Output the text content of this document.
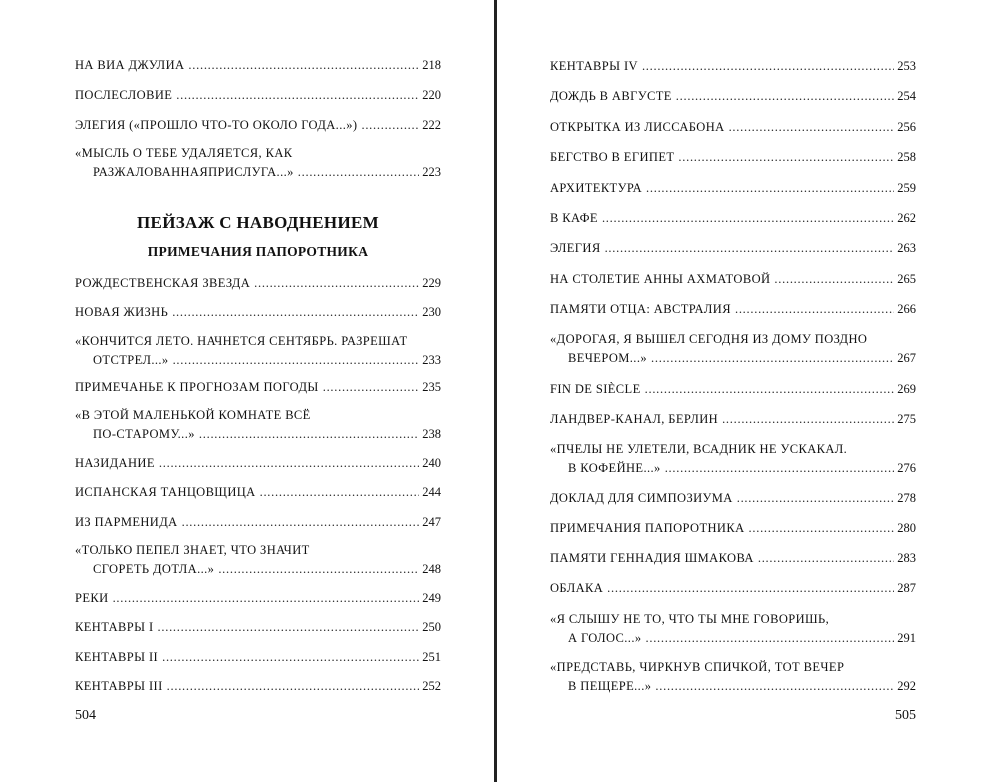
НА ВИА ДЖУЛИА . . .	218
ПОСЛЕСЛОВИЕ . . .	220
ЭЛЕГИЯ («ПРОШЛО ЧТО-ТО ОКОЛО ГОДА...») . . .	222
«МЫСЛЬ О ТЕБЕ УДАЛЯЕТСЯ, КАК
РАЗЖАЛОВАННАЯПРИСЛУГА...» . . .	223
ПЕЙЗАЖ С НАВОДНЕНИЕМ
ПРИМЕЧАНИЯ ПАПОРОТНИКА
РОЖДЕСТВЕНСКАЯ ЗВЕЗДА . . .	229
НОВАЯ ЖИЗНЬ . . .	230
«КОНЧИТСЯ ЛЕТО. НАЧНЕТСЯ СЕНТЯБРЬ. РАЗРЕШАТ
ОТСТРЕЛ...» . . .	233
ПРИМЕЧАНЬЕ К ПРОГНОЗАМ ПОГОДЫ . . .	235
«В ЭТОЙ МАЛЕНЬКОЙ КОМНАТЕ ВСЁ
ПО-СТАРОМУ...» . . .	238
НАЗИДАНИЕ . . .	240
ИСПАНСКАЯ ТАНЦОВЩИЦА . . .	244
ИЗ ПАРМЕНИДА . . .	247
«ТОЛЬКО ПЕПЕЛ ЗНАЕТ, ЧТО ЗНАЧИТ
СГОРЕТЬ ДОТЛА...» . . .	248
РЕКИ . . .	249
КЕНТАВРЫ I . . .	250
КЕНТАВРЫ II . . .	251
КЕНТАВРЫ III . . .	252
504
КЕНТАВРЫ IV . . .	253
ДОЖДЬ В АВГУСТЕ . . .	254
ОТКРЫТКА ИЗ ЛИССАБОНА . . .	256
БЕГСТВО В ЕГИПЕТ . . .	258
АРХИТЕКТУРА . . .	259
В КАФЕ . . .	262
ЭЛЕГИЯ . . .	263
НА СТОЛЕТИЕ АННЫ АХМАТОВОЙ . . .	265
ПАМЯТИ ОТЦА: АВСТРАЛИЯ . . .	266
«ДОРОГАЯ, Я ВЫШЕЛ СЕГОДНЯ ИЗ ДОМУ ПОЗДНО
ВЕЧЕРОМ...» . . .	267
FIN DE SIÈCLE . . .	269
ЛАНДВЕР-КАНАЛ, БЕРЛИН . . .	275
«ПЧЕЛЫ НЕ УЛЕТЕЛИ, ВСАДНИК НЕ УСКАКАЛ.
В КОФЕЙНЕ...» . . .	276
ДОКЛАД ДЛЯ СИМПОЗИУМА . . .	278
ПРИМЕЧАНИЯ ПАПОРОТНИКА . . .	280
ПАМЯТИ ГЕННАДИЯ ШМАКОВА . . .	283
ОБЛАКА . . .	287
«Я СЛЫШУ НЕ ТО, ЧТО ТЫ МНЕ ГОВОРИШЬ,
А ГОЛОС...» . . .	291
«ПРЕДСТАВЬ, ЧИРКНУВ СПИЧКОЙ, ТОТ ВЕЧЕР
В ПЕЩЕРЕ...» . . .	292
505
